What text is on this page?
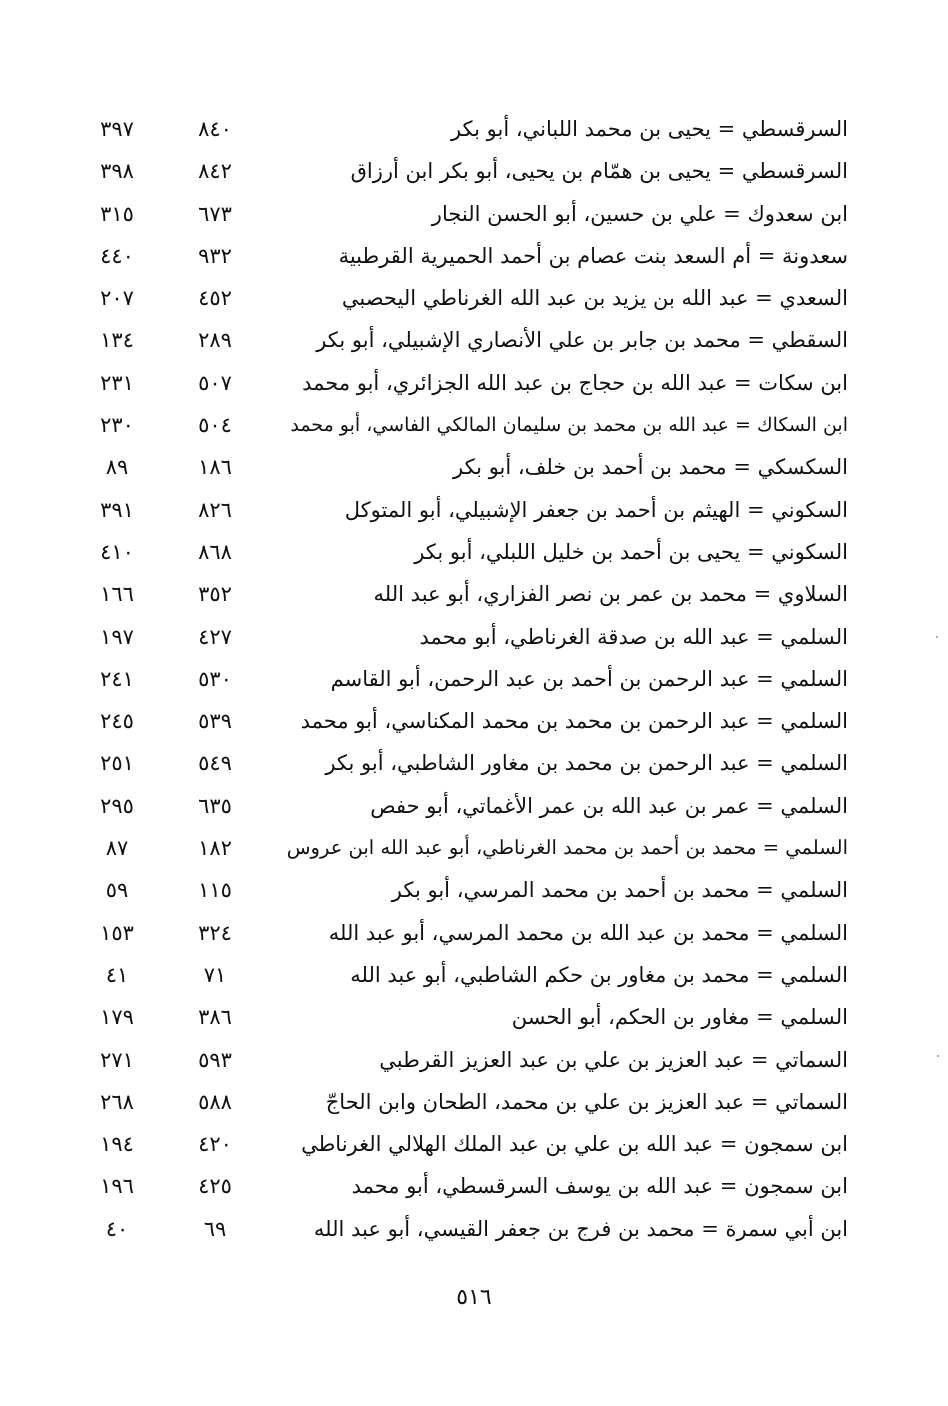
السرقسطي = يحيى بن محمد اللباني، أبو بكر
٨٤٠
٣٩٧
السرقسطي = يحيى بن همّام بن يحيى، أبو بكر ابن أرزاق
٨٤٢
٣٩٨
ابن سعدوك = علي بن حسين، أبو الحسن النجار
٦٧٣
٣١٥
سعدونة = أم السعد بنت عصام بن أحمد الحميرية القرطبية
٩٣٢
٤٤٠
السعدي = عبد الله بن يزيد بن عبد الله الغرناطي اليحصبي
٤٥٢
٢٠٧
السقطي = محمد بن جابر بن علي الأنصاري الإشبيلي، أبو بكر
٢٨٩
١٣٤
ابن سكات = عبد الله بن حجاج بن عبد الله الجزائري، أبو محمد
٥٠٧
٢٣١
ابن السكاك = عبد الله بن محمد بن سليمان المالكي الفاسي، أبو محمد
٥٠٤
٢٣٠
السكسكي = محمد بن أحمد بن خلف، أبو بكر
١٨٦
٨٩
السكوني = الهيثم بن أحمد بن جعفر الإشبيلي، أبو المتوكل
٨٢٦
٣٩١
السكوني = يحيى بن أحمد بن خليل اللبلي، أبو بكر
٨٦٨
٤١٠
السلاوي = محمد بن عمر بن نصر الفزاري، أبو عبد الله
٣٥٢
١٦٦
السلمي = عبد الله بن صدقة الغرناطي، أبو محمد
٤٢٧
١٩٧
السلمي = عبد الرحمن بن أحمد بن عبد الرحمن، أبو القاسم
٥٣٠
٢٤١
السلمي = عبد الرحمن بن محمد بن محمد المكناسي، أبو محمد
٥٣٩
٢٤٥
السلمي = عبد الرحمن بن محمد بن مغاور الشاطبي، أبو بكر
٥٤٩
٢٥١
السلمي = عمر بن عبد الله بن عمر الأغماتي، أبو حفص
٦٣٥
٢٩٥
السلمي = محمد بن أحمد بن محمد الغرناطي، أبو عبد الله ابن عروس
١٨٢
٨٧
السلمي = محمد بن أحمد بن محمد المرسي، أبو بكر
١١٥
٥٩
السلمي = محمد بن عبد الله بن محمد المرسي، أبو عبد الله
٣٢٤
١٥٣
السلمي = محمد بن مغاور بن حكم الشاطبي، أبو عبد الله
٧١
٤١
السلمي = مغاور بن الحكم، أبو الحسن
٣٨٦
١٧٩
السماتي = عبد العزيز بن علي بن عبد العزيز القرطبي
٥٩٣
٢٧١
السماتي = عبد العزيز بن علي بن محمد، الطحان وابن الحاجّ
٥٨٨
٢٦٨
ابن سمجون = عبد الله بن علي بن عبد الملك الهلالي الغرناطي
٤٢٠
١٩٤
ابن سمجون = عبد الله بن يوسف السرقسطي، أبو محمد
٤٢٥
١٩٦
ابن أبي سمرة = محمد بن فرج بن جعفر القيسي، أبو عبد الله
٦٩
٤٠
٥١٦
